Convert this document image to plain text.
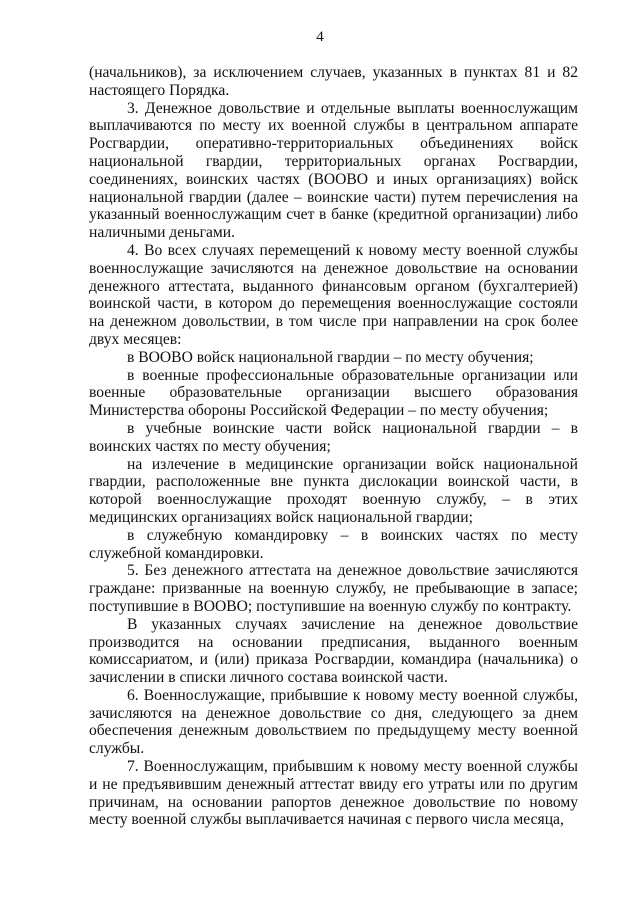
4

(начальников), за исключением случаев, указанных в пунктах 81 и 82 настоящего Порядка.

3. Денежное довольствие и отдельные выплаты военнослужащим выплачиваются по месту их военной службы в центральном аппарате Росгвардии, оперативно-территориальных объединениях войск национальной гвардии, территориальных органах Росгвардии, соединениях, воинских частях (ВООВО и иных организациях) войск национальной гвардии (далее – воинские части) путем перечисления на указанный военнослужащим счет в банке (кредитной организации) либо наличными деньгами.

4. Во всех случаях перемещений к новому месту военной службы военнослужащие зачисляются на денежное довольствие на основании денежного аттестата, выданного финансовым органом (бухгалтерией) воинской части, в котором до перемещения военнослужащие состояли на денежном довольствии, в том числе при направлении на срок более двух месяцев:

в ВООВО войск национальной гвардии – по месту обучения;

в военные профессиональные образовательные организации или военные образовательные организации высшего образования Министерства обороны Российской Федерации – по месту обучения;

в учебные воинские части войск национальной гвардии – в воинских частях по месту обучения;

на излечение в медицинские организации войск национальной гвардии, расположенные вне пункта дислокации воинской части, в которой военнослужащие проходят военную службу, – в этих медицинских организациях войск национальной гвардии;

в служебную командировку – в воинских частях по месту служебной командировки.

5. Без денежного аттестата на денежное довольствие зачисляются граждане: призванные на военную службу, не пребывающие в запасе; поступившие в ВООВО; поступившие на военную службу по контракту.

В указанных случаях зачисление на денежное довольствие производится на основании предписания, выданного военным комиссариатом, и (или) приказа Росгвардии, командира (начальника) о зачислении в списки личного состава воинской части.

6. Военнослужащие, прибывшие к новому месту военной службы, зачисляются на денежное довольствие со дня, следующего за днем обеспечения денежным довольствием по предыдущему месту военной службы.

7. Военнослужащим, прибывшим к новому месту военной службы и не предъявившим денежный аттестат ввиду его утраты или по другим причинам, на основании рапортов денежное довольствие по новому месту военной службы выплачивается начиная с первого числа месяца,
